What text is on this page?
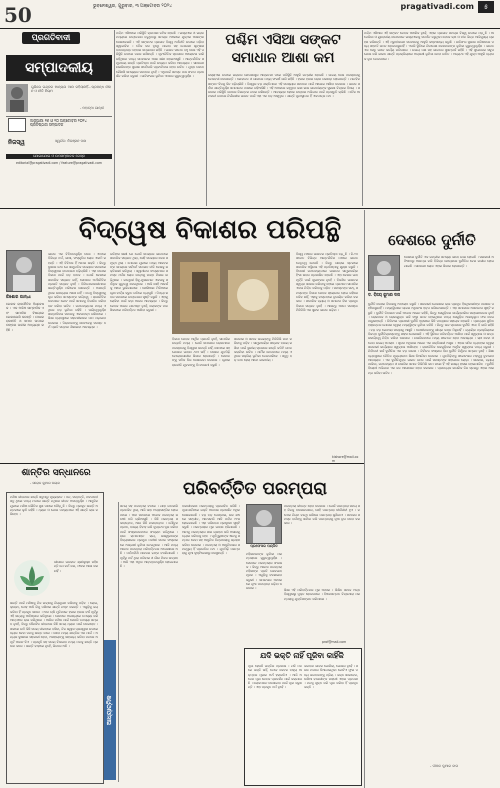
50	ଭୁବନେଶ୍ୱର, ଗୁରୁବାର, ୩ ଅକ୍ଟୋବର ୨୦୨୪	pragativadi.com	୫
ପ୍ରଗତିବାଦୀ
ସମ୍ପାଦକୀୟ
ଗୁଣିଲେ ଗଣ୍ଡର ମାନ୍ୟତା ଆଉ ରହିଲାନାହିଁ...ପ୍ରବନ୍ଧ ଜୀବନ ଓ ନୀତି ନିୟମ
- ମହାତ୍ମା ଗାନ୍ଧୀ
ଜାନୁଆରୀ ୧୬ ଓ ୨୦ ଅକ୍ଟୋବର ୨୦୨୪
ପ୍ରତିଷ୍ଠାତା ସମ୍ପାଦକ
ନିଜସ୍ୱ	ସ୍ୱର୍ଗତ: ନିରଞ୍ଜନ ଦାସ
ଯୋଗାଯୋଗ ଓ ଉପସମ୍ପାଦକ ଡେସ୍କ
editorial@pragativadi.com / feature@pragativadi.com
ପଶ୍ଚିମ ଏସିଆରେ ପରିସ୍ଥିତି କ୍ରମଶଃ ଜଟିଳ ହେଉଛି । ଇସ୍ରାଏଲ ଓ ଇରାନ ମଧ୍ୟରେ ଉତ୍ତେଜନା ବଢୁଥିବାରୁ ସମଗ୍ର ଅଞ୍ଚଳରେ ଯୁଦ୍ଧର ଆଶଙ୍କା ଦେଖାଦେଇଛି । ଏହି ସଙ୍କଟର ପ୍ରଭାବ ବିଶ୍ୱ ଅର୍ଥନୀତି ଉପରେ ପଡ଼ିବା ସ୍ୱାଭାବିକ । ତୈଳ ଦର ବୃଦ୍ଧି ପାଇବା ସହ ଯୋଗାଣ ଶୃଙ୍ଖଳା ବାଧାପ୍ରାପ୍ତ ହେବାର ସମ୍ଭାବନା ରହିଛି । ଭାରତ ସମେତ ବହୁ ଦେଶ ଏହି ପରିସ୍ଥିତି ଉପରେ ନଜର ରଖିଛନ୍ତି । କୂଟନୈତିକ ସ୍ତରରେ ଆଲୋଚନା ଜାରି ରହିଥିଲେ ମଧ୍ୟ ସମାଧାନର ଆଶା କ୍ଷୀଣ ହୋଇଆସୁଛି । ଆନ୍ତର୍ଜାତିକ ସମ୍ପ୍ରଦାୟ ଶାନ୍ତି ପ୍ରତିଷ୍ଠା ପାଇଁ ଉଦ୍ୟମ କରିବା ଆବଶ୍ୟକ । ସାଧାରଣ ନାଗରିକଙ୍କ ସୁରକ୍ଷା ସର୍ବୋପରି ପ୍ରାଥମିକତା ହେବା ଉଚିତ । ଯୁଦ୍ଧ କେବେ କୌଣସି ସମସ୍ୟାର ସମାଧାନ ନୁହେଁ । ଏଥିପାଇଁ ସମସ୍ତ ପକ୍ଷ ସଂଯମ ପ୍ରଦର୍ଶନ କରିବା ଜରୁରୀ । ଜାତିସଂଘର ଭୂମିକା ଏଠାରେ ଗୁରୁତ୍ୱପୂର୍ଣ୍ଣ ।
ପଶ୍ଚିମ ଏସିଆ ସଙ୍କଟ
ସମାଧାନ ଆଶା କମ
ଇସ୍ରାଏଲ ଉପରେ ଇରାନର କ୍ଷେପଣାସ୍ତ୍ର ଆକ୍ରମଣ ପରେ ପରିସ୍ଥିତି ଆହୁରି ଗମ୍ଭୀର ହୋଇଛି । ଉଭୟ ଦେଶ ପରସ୍ପରକୁ ଚେତାବନୀ ଦେଉଛନ୍ତି । ଲେବାନନ ଓ ଗାଜାରେ ମଧ୍ୟ ସଂଘର୍ଷ ଜାରି ରହିଛି । ହଜାର ହଜାର ଲୋକ ଘରଛଡ଼ା ହୋଇଛନ୍ତି । ମାନବିକ ସଙ୍କଟ ଦିନକୁ ଦିନ ବଢ଼ିଚାଲିଛି । ବିଶ୍ୱର ବଡ଼ ଶକ୍ତିମାନେ ଏହି ସମସ୍ୟାର ସମାଧାନ ପାଇଁ ଆଗେଇ ଆସିବା ଦରକାର । ଭାରତ ସର୍ବଦା ଶାନ୍ତିପୂର୍ଣ୍ଣ ସମାଧାନର ପକ୍ଷରେ ରହିଆସିଛି । ଏହି ଅଞ୍ଚଳରେ ରହୁଥିବା ଲକ୍ଷ ଲକ୍ଷ ଭାରତୀୟଙ୍କ ସୁରକ୍ଷା ଚିନ୍ତାର ବିଷୟ । ସରକାର ପରିସ୍ଥିତି ଉପରେ ନିରନ୍ତର ନଜର ରଖିଛନ୍ତି । ଆବଶ୍ୟକ ହେଲେ ଉଦ୍ଧାର ଅଭିଯାନ ପାଇଁ ପ୍ରସ୍ତୁତି ଚାଲିଛି । ତୈଳ ଆମଦାନୀ ଉପରେ ନିର୍ଭରଶୀଳ ଭାରତ ପାଇଁ ଏହା ଏକ ବଡ଼ ଆହ୍ୱାନ । ଶାନ୍ତି ପୁନଃସ୍ଥାପନ ହିଁ ଏକମାତ୍ର ପଥ ।
ପଶ୍ଚିମ ଏସିଆର ଏହି ସଙ୍କଟ କେବଳ ଆଞ୍ଚଳିକ ନୁହେଁ, ଏହାର ପ୍ରଭାବ ସମଗ୍ର ବିଶ୍ୱ ଉପରେ ପଡ଼ୁଛି । ଆମେରିକା ଓ ୟୁରୋପୀୟ ଦେଶମାନେ ଇସ୍ରାଏଲକୁ ସମର୍ଥନ କରୁଥିବା ବେଳେ ଋଷ ଓ ଚୀନ ଭିନ୍ନ ଆଭିମୁଖ୍ୟ ଗ୍ରହଣ କରିଛନ୍ତି । ଏହି ଧ୍ରୁବୀକରଣ ସମାଧାନକୁ ଆହୁରି କଷ୍ଟସାଧ୍ୟ କରୁଛି । ଜାତିସଂଘ ସୁରକ୍ଷା ପରିଷଦରେ ମଧ୍ୟ ସହମତି ଗଠନ ହୋଇପାରୁନାହିଁ । ଏପରି ସ୍ଥିତିରେ ନିରପେକ୍ଷ ଦେଶମାନଙ୍କ ଭୂମିକା ଗୁରୁତ୍ୱପୂର୍ଣ୍ଣ । ଭାରତ ଏକ ସେତୁ ଭାବେ କାର୍ଯ୍ୟ କରିପାରେ । ଉଭୟ ପକ୍ଷ ସହ ଭାରତର ସୁସମ୍ପର୍କ ରହିଛି । ଏହି ସୁଯୋଗର ସଦୁପଯୋଗ କରି ଭାରତ ଶାନ୍ତି ପ୍ରକ୍ରିୟାରେ ଅଗ୍ରଣୀ ଭୂମିକା ନେବା ଉଚିତ । ଅନ୍ୟଥା ଏହି ଯୁଦ୍ଧ ଆହୁରି ବ୍ୟାପକ ରୂପ ନେଇପାରେ ।
ବିଦ୍ୱେଷ ବିକାଶର ପରିପନ୍ଥି
କିଶୋର ଗାନ୍ଧୀ
ଲେଖକ ରାଜନୈତିକ ବିଶ୍ଳେଷକ । ଏକ ଅଭିଜ୍ଞ ସାମ୍ବାଦିକ ଏବଂ ସାମାଜିକ ବିଷୟରେ ଲେଖାଲେଖି କରନ୍ତି । ଦେଶର ରାଜନୀତି ଓ ସମାଜ ଉପରେ ତାଙ୍କର ଗଭୀର ଅଧ୍ୟୟନ ରହିଛି ।
ଭାରତ ଏକ ବିବିଧତାପୂର୍ଣ୍ଣ ଦେଶ । ଏଠାରେ ବିଭିନ୍ନ ଧର୍ମ, ଭାଷା, ସଂସ୍କୃତିର ଲୋକ ଏକାଠି ରହନ୍ତି । ଏହି ବିବିଧତା ହିଁ ଆମର ଶକ୍ତି । କିନ୍ତୁ ଦୁଃଖର କଥା ଯେ ସାମ୍ପ୍ରତିକ ସମୟରେ ସମାଜରେ ବିଦ୍ୱେଷର ବାତାବରଣ ବଢ଼ିଚାଲିଛି । ଏହା ଦେଶର ବିକାଶ ପାଇଁ ବଡ଼ ବାଧକ । ଯେଉଁ ଦେଶରେ ସାମାଜିକ ସଦ୍ଭାବ ନାହିଁ, ସେଠାରେ ଅର୍ଥନୈତିକ ପ୍ରଗତି ସମ୍ଭବ ନୁହେଁ । ବିନିଯୋଗକାରୀମାନେ ଶାନ୍ତିପୂର୍ଣ୍ଣ ପରିବେଶ ଖୋଜନ୍ତି । ଅଶାନ୍ତି ଥିଲେ ଉଦ୍ୟୋଗ ଆସେ ନାହିଁ । ତେଣୁ ବିଦ୍ୱେଷକୁ ଦୂର କରିବା ସମସ୍ତଙ୍କ ଦାୟିତ୍ୱ । ରାଜନୈତିକ ଦଳମାନେ ଭୋଟ ପାଇଁ ସମାଜକୁ ବିଭାଜିତ କରିବା ବନ୍ଦ କରିବା ଉଚିତ । ଗଣମାଧ୍ୟମର ମଧ୍ୟ ଏଥିରେ ବଡ଼ ଭୂମିକା ରହିଛି । ଦାୟିତ୍ୱପୂର୍ଣ୍ଣ ସାମ୍ବାଦିକତା ସମାଜକୁ ଏକତାବଦ୍ଧ ରଖିପାରେ । ଶିକ୍ଷା ବ୍ୟବସ୍ଥାରେ ସହନଶୀଳତାର ପାଠ ପଢ଼ାଇବା ଦରକାର । ପିଲାମାନଙ୍କୁ ଛୋଟବେଳୁ ସମସ୍ତ ଧର୍ମ ପ୍ରତି ସମ୍ମାନ ଶିଖାଇବା ଆବଶ୍ୟକ ।
ଇତିହାସ ସାକ୍ଷୀ ଯେ ଯେଉଁ ସମୟରେ ଭାରତରେ ସାମାଜିକ ସଦ୍ଭାବ ଥିଲା, ସେହି ସମୟରେ ଦେଶ ସମୃଦ୍ଧ ଥିଲା । ମୋଗଲ ଯୁଗରେ ମଧ୍ୟ ଆକବରଙ୍କ ସମୟରେ ସର୍ବଧର୍ମ ସମଭାବ ନୀତି ଦେଶକୁ ଶକ୍ତିଶାଳୀ କରିଥିଲା । ସ୍ୱାଧୀନତା ସଂଗ୍ରାମରେ ସମସ୍ତ ଧର୍ମର ଲୋକ କାନ୍ଧକୁ କାନ୍ଧ ମିଳାଇ ଲଢ଼ିଥିଲେ । ଗାନ୍ଧିଜୀ ହିନ୍ଦୁ-ମୁସଲମାନ ଏକତାକୁ ସର୍ବାଧିକ ଗୁରୁତ୍ୱ ଦେଇଥିଲେ । ଆଜି ସେହି ଆଦର୍ଶକୁ ଆମେ ଭୁଲିଯାଉଛେ । ସୋସିଆଲ ମିଡିଆରେ ଘୃଣା ବାର୍ତ୍ତା ଦ୍ରୁତ ଗତିରେ ବ୍ୟାପୁଛି । ମିଥ୍ୟା ଖବର ସମାଜରେ ଉତ୍ତେଜନା ସୃଷ୍ଟି କରୁଛି । ଏହାକୁ ରୋକିବା ପାଇଁ କଡ଼ା ଆଇନ ଆବଶ୍ୟକ । କିନ୍ତୁ କେବଳ ଆଇନ ଯଥେଷ୍ଟ ନୁହେଁ, ଲୋକଙ୍କ ମାନସିକତାରେ ପରିବର୍ତ୍ତନ ଆଣିବା ଜରୁରୀ ।
ବିକାଶ କେବଳ ଆର୍ଥିକ ପ୍ରଗତି ନୁହେଁ, ସାମାଜିକ ଉନ୍ନତି ମଧ୍ୟ । ଯେଉଁ ସମାଜରେ ଲୋକମାନେ ପରସ୍ପରକୁ ବିଶ୍ୱାସ କରନ୍ତି ନାହିଁ, ସେଠାରେ ସହଯୋଗର ଭାବନା ଥାଏ ନାହିଁ । ଦେଶର ଯୁବପିଢ଼ି ବେରୋଜଗାରୀର ଶିକାର ହେଉଛନ୍ତି । ସେମାନଙ୍କୁ ସଠିକ ଦିଗ ଦେଖାଇବା ଦରକାର । ଘୃଣାର ରାଜନୀତି ଯୁବକଙ୍କୁ ବିପଥଗାମୀ କରୁଛି ।
ସରକାର ଓ ସମାଜ ଉଭୟଙ୍କୁ ମିଳିମିଶି କାମ କରିବାକୁ ପଡ଼ିବ । ସାମ୍ପ୍ରଦାୟିକ ସଦ୍ଭାବ ବଜାୟ ରଖିବା ପାଇଁ ସ୍ଥାନୀୟ ସ୍ତରରେ ଶାନ୍ତି କମିଟି ଗଠନ କରାଯିବା ଉଚିତ । ଧାର୍ମିକ ନେତାମାନେ ମଧ୍ୟ ଏଥିରେ ସକ୍ରିୟ ଭୂମିକା ନେଇପାରିବେ । ସବୁଠୁ ବଡ଼ କଥା ହେଲା ଆମେ ଭାରତୀୟ ।
ବିଶ୍ୱ ମଞ୍ଚରେ ଭାରତର ପ୍ରତିଷ୍ଠା ବଢ଼ୁଛି । ଜି-୨୦ ସମେତ ବିଭିନ୍ନ ଆନ୍ତର୍ଜାତିକ ମଞ୍ଚରେ ଭାରତ ନେତୃତ୍ୱ ନେଉଛି । କିନ୍ତୁ ଘରୋଇ ସ୍ତରରେ ସାମାଜିକ ଅସ୍ଥିରତା ଏହି ପ୍ରତିଷ୍ଠାକୁ କ୍ଷୁଣ୍ଣ କରୁଛି । ବିଦେଶୀ ଗଣମାଧ୍ୟମରେ ଭାରତର ସାମ୍ପ୍ରଦାୟିକ ହିଂସା ଖବର ପ୍ରକାଶିତ ହେଉଛି । ଏହା ଦେଶର ଭାବମୂର୍ତ୍ତି ପାଇଁ ଶୁଭଙ୍କର ନୁହେଁ । ବିକଶିତ ଭାରତର ସ୍ୱପ୍ନ ସାକାର କରିବାକୁ ହେଲେ ପ୍ରଥମେ ସାମାଜିକ ଏକତା ନିଶ୍ଚିତ କରିବାକୁ ପଡ଼ିବ । ସମସ୍ତଙ୍କ ସାଥ୍, ସମସ୍ତଙ୍କ ବିକାଶ କେବଳ ସ୍ଲୋଗାନ ହୋଇ ରହିଲେ ଚଳିବ ନାହିଁ, ଏହାକୁ ବାସ୍ତବରେ ରୂପାୟିତ କରିବା ଦରକାର । ସାମାଜିକ ନ୍ୟାୟ ଓ ସମାନତା ବିନା ପ୍ରକୃତ ବିକାଶ ସମ୍ଭବ ନୁହେଁ । ଆସନ୍ତୁ ଆମେ ସମସ୍ତେ ମିଳିମିଶି ଏକ ସୁନ୍ଦର ଭାରତ ଗଢ଼ିବା ।
kishore@mail.com
ଦେଶରେ ଦୁର୍ନୀତି
ଡ. ବିଜୟ କୁମାର ଦାସ
ଦେଶରେ ଦୁର୍ନୀତି ଏକ ଗମ୍ଭୀର ସମସ୍ୟା ଭାବେ ଉଭା ହୋଇଛି । ସରକାରୀ ଅଫିସଠାରୁ ଆରମ୍ଭ କରି ବିଭିନ୍ନ କ୍ଷେତ୍ରରେ ଦୁର୍ନୀତିର ଚେର ଗଭୀର ହୋଇଯାଇଛି । ସାଧାରଣ ଲୋକ ଏହାର ଶିକାର ହେଉଛନ୍ତି ।
ଦୁର୍ନୀତି ଦେଶର ବିକାଶକୁ ଅବରୋଧ କରୁଛି । ସରକାରୀ ଯୋଜନାର ଲାଭ ପ୍ରକୃତ ହିତାଧିକାରୀଙ୍କ ପାଖରେ ପହଞ୍ଚିପାରୁନାହିଁ । ମଧ୍ୟସ୍ଥିମାନେ ଲାଭର ଅଧିକାଂଶ ହଡ଼ପ କରିନେଉଛନ୍ତି । ଏହା ସମାଜରେ ଅସମାନତା ସୃଷ୍ଟି କରୁଛି । ଦୁର୍ନୀତି ନିବାରଣ ପାଇଁ ଅନେକ ଆଇନ ରହିଛି, କିନ୍ତୁ ସେଗୁଡ଼ିକର କାର୍ଯ୍ୟକାରିତା ସନ୍ତୋଷଜନକ ନୁହେଁ । ଲୋକପାଳ ଓ ଲୋକାୟୁକ୍ତ ଭଳି ସଂସ୍ଥା ଗଠନ ହୋଇଥିଲେ ମଧ୍ୟ ସେଗୁଡ଼ିକ ଆଶାନୁରୂପ ଫଳ ଦେଇପାରୁନାହାନ୍ତି । ଡିଜିଟାଲ ପ୍ରଣାଳୀ ଦୁର୍ନୀତି ହ୍ରାସରେ କିଛି ମାତ୍ରାରେ ସହାୟକ ହୋଇଛି । ପ୍ରତ୍ୟକ୍ଷ ସୁବିଧା ହସ୍ତାନ୍ତର ଯୋଜନା ଦ୍ୱାରା ମଧ୍ୟସ୍ଥିଙ୍କ ଭୂମିକା କମିଛି । କିନ୍ତୁ ଉଚ୍ଚ ସ୍ତରରେ ଦୁର୍ନୀତି ଏବେ ବି ଜାରି ରହିଛି । ବଡ଼ ବଡ଼ ଘୋଟାଲା ସାମ୍ନାକୁ ଆସୁଛି । ଦୋଷୀମାନଙ୍କୁ ଶୀଘ୍ର ଦଣ୍ଡ ମିଳୁନାହିଁ । ନ୍ୟାୟିକ ପ୍ରକ୍ରିୟାରେ ବିଳମ୍ବ ଦୁର୍ନୀତିଗ୍ରସ୍ତଙ୍କୁ ସାହସ ଯୋଗାଉଛି । ଏହି ସ୍ଥିତିରେ ପରିବର୍ତ୍ତନ ଆଣିବା ପାଇଁ ସ୍ୱଚ୍ଛତା ଓ ଉତ୍ତରଦାୟିତ୍ୱ ନିଶ୍ଚିତ କରିବା ଦରକାର । ନାଗରିକମାନେ ମଧ୍ୟ ସଚେତନ ହେବା ଆବଶ୍ୟକ । ଲାଞ୍ଚ ଦେବା ଓ ନେବା ଉଭୟ ଅପରାଧ । ସୂଚନା ଅଧିକାର ଆଇନ ଏକ ଶକ୍ତିଶାଳୀ ଅସ୍ତ୍ର । ଏହାର ସଠିକ ବ୍ୟବହାର ଦ୍ୱାରା ସରକାରୀ କାର୍ଯ୍ୟରେ ସ୍ୱଚ୍ଛତା ଆଣିହେବ । ରାଜନୈତିକ ଦଳଗୁଡ଼ିକର ଆର୍ଥିକ ସ୍ୱଚ୍ଛତା ମଧ୍ୟ ଜରୁରୀ । ନିର୍ବାଚନୀ ଖର୍ଚ୍ଚ ଦୁର୍ନୀତିର ଏକ ବଡ଼ କାରଣ । ନିର୍ବାଚନ ସଂସ୍କାର ବିନା ଦୁର୍ନୀତି ନିର୍ମୂଳନ ସମ୍ଭବ ନୁହେଁ । ଶିକ୍ଷା ବ୍ୟବସ୍ଥାରେ ନୈତିକ ମୂଲ୍ୟବୋଧ ଶିକ୍ଷା ଦିଆଯିବା ଦରକାର । ଯୁବପିଢ଼ିଙ୍କୁ ସଚ୍ଚୋଟତାର ମହତ୍ତ୍ୱ ବୁଝାଇବା ଆବଶ୍ୟକ । ଏକ ଦୁର୍ନୀତିମୁକ୍ତ ଭାରତ ଗଠନ ପାଇଁ ସମସ୍ତଙ୍କ ସହଯୋଗ ଲୋଡ଼ା । ସରକାର, ନ୍ୟାୟପାଳିକା, ଗଣମାଧ୍ୟମ ଓ ନାଗରିକ ସମାଜ ମିଳିମିଶି କାମ କଲେ ହିଁ ଏହି ଲକ୍ଷ୍ୟ ହାସଲ ହୋଇପାରିବ । ଦୁର୍ନୀତି ବିରୋଧୀ ଅଭିଯାନ ଏକ ଜନ ଆନ୍ଦୋଳନ ହେବା ଦରକାର । ପ୍ରତ୍ୟେକ ନାଗରିକ ନିଜ ସ୍ତରରୁ ଏହାର ଆରମ୍ଭ କରିବା ଉଚିତ ।
- ଦୀପକ କୁମାର ଦାସ
ଶାନ୍ତିର ସନ୍ଧାନରେ
- ସରୋଜ କୁମାର ନାୟକ
ମଣିଷ ଜୀବନରେ ଶାନ୍ତି ସବୁଠାରୁ ମୂଲ୍ୟବାନ । ଧନ, ସମ୍ପତ୍ତି, ପଦପଦବୀ ସବୁ ଥିଲେ ମଧ୍ୟ ମନରେ ଶାନ୍ତି ନଥିଲେ ଜୀବନ ଅସମ୍ପୂର୍ଣ୍ଣ । ଆଧୁନିକ ଯୁଗରେ ମଣିଷ ଭୌତିକ ସୁଖ ପଛରେ ଦୌଡ଼ୁଛି । କିନ୍ତୁ ପ୍ରକୃତ ଶାନ୍ତି ଅନ୍ତରରେ ଲୁଚି ରହିଛି । ଧ୍ୟାନ ଓ ଯୋଗ ମାଧ୍ୟମରେ ଏହି ଶାନ୍ତି ଲାଭ କରିହେବ ।
ଗୀତାରେ ଭଗବାନ ଶ୍ରୀକୃଷ୍ଣ କହିଛନ୍ତି ଯେ କର୍ମ କର, ଫଳର ଆଶା କରନାହିଁ ।
ଶାନ୍ତି ପାଇଁ ମଣିଷକୁ ନିଜ ଇଚ୍ଛାକୁ ନିୟନ୍ତ୍ରଣ କରିବାକୁ ପଡ଼ିବ । ଲୋଭ, କ୍ରୋଧ, ମୋହ ଆଦି ରିପୁ ମଣିଷର ଶାନ୍ତି ନଷ୍ଟ କରନ୍ତି । ଏଗୁଡ଼ିକୁ ଜୟ କରିବା ହିଁ ପ୍ରକୃତ ସାଧନା । ଆମ ଋଷି ମୁନିମାନେ ହଜାର ହଜାର ବର୍ଷ ପୂର୍ବରୁ ଏହି ସତ୍ୟକୁ ଆବିଷ୍କାର କରିଥିଲେ । ସେମାନେ ଅରଣ୍ୟରେ ତପସ୍ୟା କରି ଆତ୍ମଜ୍ଞାନ ଲାଭ କରିଥିଲେ । ଆଜିର ମଣିଷ ପାଇଁ ସେପରି ତପସ୍ୟା ସମ୍ଭବ ନୁହେଁ, କିନ୍ତୁ ଦୈନନ୍ଦିନ ଜୀବନରେ କିଛି ସମୟ ଧ୍ୟାନ ପାଇଁ ଦେଇହେବ । ସକାଳେ ଉଠି କିଛି ସମୟ ନୀରବରେ ବସିବା, ନିଜ ଶ୍ୱାସ ପ୍ରଶ୍ୱାସ ଉପରେ ଧ୍ୟାନ ଦେବା ମନକୁ ଶାନ୍ତ କରେ । ସେବା ମଧ୍ୟ ଶାନ୍ତିର ଏକ ମାର୍ଗ । ଅନ୍ୟର ଦୁଃଖରେ ସହଭାଗୀ ହେବା, ଅସହାୟଙ୍କୁ ସାହାଯ୍ୟ କରିବା ମନରେ ଅପୂର୍ବ ଆନନ୍ଦ ଦିଏ । ପ୍ରକୃତି ସହ ସମୟ ବିତାଇବା ମଧ୍ୟ ମନକୁ ଶାନ୍ତି ପ୍ରଦାନ କରେ । ଶାନ୍ତି ବାହାରେ ନୁହେଁ, ଭିତରେ ଅଛି ।
ଆଧ୍ୟାତ୍ମିକ
ପରିବର୍ତ୍ତିତ ପରମ୍ପରା
ସମୟ ସହ ପରମ୍ପରା ବଦଳେ । ଯାହା ଗତକାଲି ପ୍ରଚଳିତ ଥିଲା, ଆଜି ତାହା ଅପ୍ରାସଙ୍ଗିକ ହୋଇପାରେ । ଆମ ସମାଜରେ ଅନେକ ପରମ୍ପରା ଶତାବ୍ଦୀ ଧରି ଚାଲିଆସୁଛି । କିଛି ପରମ୍ପରା ସକାରାତ୍ମକ, ଆଉ କିଛି ନକାରାତ୍ମକ । ଯୌତୁକ ପ୍ରଥା, ବାଲ୍ୟ ବିବାହ ଭଳି କୁପ୍ରଥା ଦୂର କରିବା ପାଇଁ ସଂସ୍କାରକମାନେ ସଂଗ୍ରାମ କରିଥିଲେ । ରାଜା ରାମମୋହନ ରାୟ, ଈଶ୍ୱରଚନ୍ଦ୍ର ବିଦ୍ୟାସାଗର ପ୍ରମୁଖ ମନୀଷୀ ସମାଜ ସଂସ୍କାରରେ ଅଗ୍ରଣୀ ଭୂମିକା ନେଇଥିଲେ । ଆଜି ମଧ୍ୟ ଅନେକ ପରମ୍ପରା ପରିବର୍ତ୍ତନର ଅପେକ୍ଷାରେ ଅଛି । ପର୍ବପର୍ବାଣି ପାଳନର ଢଙ୍ଗ ବଦଳିଯାଇଛି । ପୂର୍ବରୁ ପର୍ବ ଥିଲା ପରିବାର ଓ ଗାଁର ମିଳନ ଉତ୍ସବ । ଆଜି ଏହା ଅଧିକ ଆଡ଼ମ୍ବରପୂର୍ଣ୍ଣ ହୋଇଯାଇଛି ।
ବଜାରୀକରଣ ପରମ୍ପରାକୁ ପ୍ରଭାବିତ କରିଛି । ପୂଜାପାର୍ବଣରେ ଭକ୍ତି ଅପେକ୍ଷା ପ୍ରଦର୍ଶନ ଅଧିକ ଦେଖାଯାଉଛି । ବଡ଼ ବଡ଼ ପେଣ୍ଡାଲ, ଉଚ୍ଚ ଶବ୍ଦରେ ସଙ୍ଗୀତ, ଆତସବାଜି ଆଦି ପର୍ବର ଅଂଶ ହୋଇଯାଇଛି । ଏହା ପରିବେଶ ପ୍ରଦୂଷଣ ସୃଷ୍ଟି କରୁଛି । ପରମ୍ପରାର ମୂଳ ଭାବନା ହଜିଯାଉଛି । ଆମକୁ ପରମ୍ପରାର ସାର ଗ୍ରହଣ କରି ଅସାରକୁ ତ୍ୟାଗ କରିବାକୁ ହେବ । ପୂର୍ବପୁରୁଷଙ୍କ ଜ୍ଞାନକୁ ସମ୍ମାନ ଦେବା ସହ ଆଧୁନିକ ଚିନ୍ତାଧାରାକୁ ଗ୍ରହଣ କରିବା ଦରକାର । ପରମ୍ପରା ଓ ଆଧୁନିକତାର ସମନ୍ୱୟ ହିଁ ପ୍ରଗତିର ପଥ । ଯୁବପିଢ଼ି ପରମ୍ପରାକୁ ନୂଆ ଦୃଷ୍ଟିକୋଣରୁ ଦେଖୁଛନ୍ତି ।
ପ୍ରଫେସର ପଣ୍ଡିତ
ପରମ୍ପରା ଜୀବନ୍ତ ହେବା ଦରକାର । ଯେଉଁ ପରମ୍ପରା ସମୟ ସହ ନିଜକୁ ବଦଳାଇପାରେ, ସେହି ପରମ୍ପରା ଦୀର୍ଘଜୀବୀ ହୁଏ । କଠୋର ନିୟମ ବାନ୍ଧି ରଖିଲେ ପରମ୍ପରା ଶୁଖିଯାଏ । ସମାଜର ସମସ୍ତ ବର୍ଗଙ୍କୁ ସାମିଲ କରି ପରମ୍ପରାକୁ ନୂଆ ରୂପ ଦେବା ଦରକାର ।
ମହିଳାମାନଙ୍କ ଭୂମିକା ପରମ୍ପରାରେ ଗୁରୁତ୍ୱପୂର୍ଣ୍ଣ । ସେମାନେ ପରମ୍ପରାର ସଂରକ୍ଷକ । କିନ୍ତୁ ଅନେକ ପରମ୍ପରା ମହିଳାଙ୍କ ପ୍ରତି ଭେଦଭାବମୂଳକ । ଏଗୁଡ଼ିକୁ ବଦଳାଇବା ଜରୁରୀ । ସମାନତାର ଆଧାରରେ ନୂଆ ପରମ୍ପରା ଗଢ଼ିବା ଦରକାର ।	ଶିକ୍ଷା ଏହି ପରିବର୍ତ୍ତନର ମୂଳ ଆଧାର । ଶିକ୍ଷିତ ସମାଜ ଅନ୍ଧବିଶ୍ୱାସରୁ ମୁକ୍ତ ହୋଇପାରେ । ବିଜ୍ଞାନସମ୍ମତ ଚିନ୍ତାଧାରା ପରମ୍ପରାକୁ ଯୁକ୍ତିସଙ୍ଗତ କରିପାରେ ।
prof@mail.com
ଯଦି ଭକ୍ତି ନାହିଁ ପୂଜିବା କାହିଁକି
ପୂଜା ହେଉଛି ଭକ୍ତିର ପ୍ରକାଶ । ଯଦି ମନରେ ଭକ୍ତି ନାହିଁ, ତେବେ କେବଳ ବାହ୍ୟ ଆଡ଼ମ୍ବର ପୂଜାର ଅର୍ଥ ହରାଇଦିଏ । ଆଜି ଅନେକ ପୂଜା କେବଳ ପ୍ରଦର୍ଶନ ପାଇଁ କରାଯାଉଛି । ଲୋକମାନେ ଦେଖାଇବା ପାଇଁ ପୂଜା କରୁଛନ୍ତି । ଏହା ପ୍ରକୃତ ଧର୍ମ ନୁହେଁ ।
ଭଗବାନ ଭାବର ଭୋକିଲା, ଭୋଗର ନୁହେଁ । ସରଳ ମନରେ ଦିଆଯାଇଥିବା ଗୋଟିଏ ଫୁଲ ମଧ୍ୟ ଭଗବାନଙ୍କୁ ପ୍ରିୟ । ଭକ୍ତ ସାଲବେଗ, ଦାସିଆ ବାଉରୀଙ୍କ କାହାଣୀ ଏହାର ପ୍ରମାଣ । ମନକୁ ଶୁଦ୍ଧ କରି ପୂଜା କରିବା ହିଁ ପ୍ରକୃତ ଭକ୍ତି ।
